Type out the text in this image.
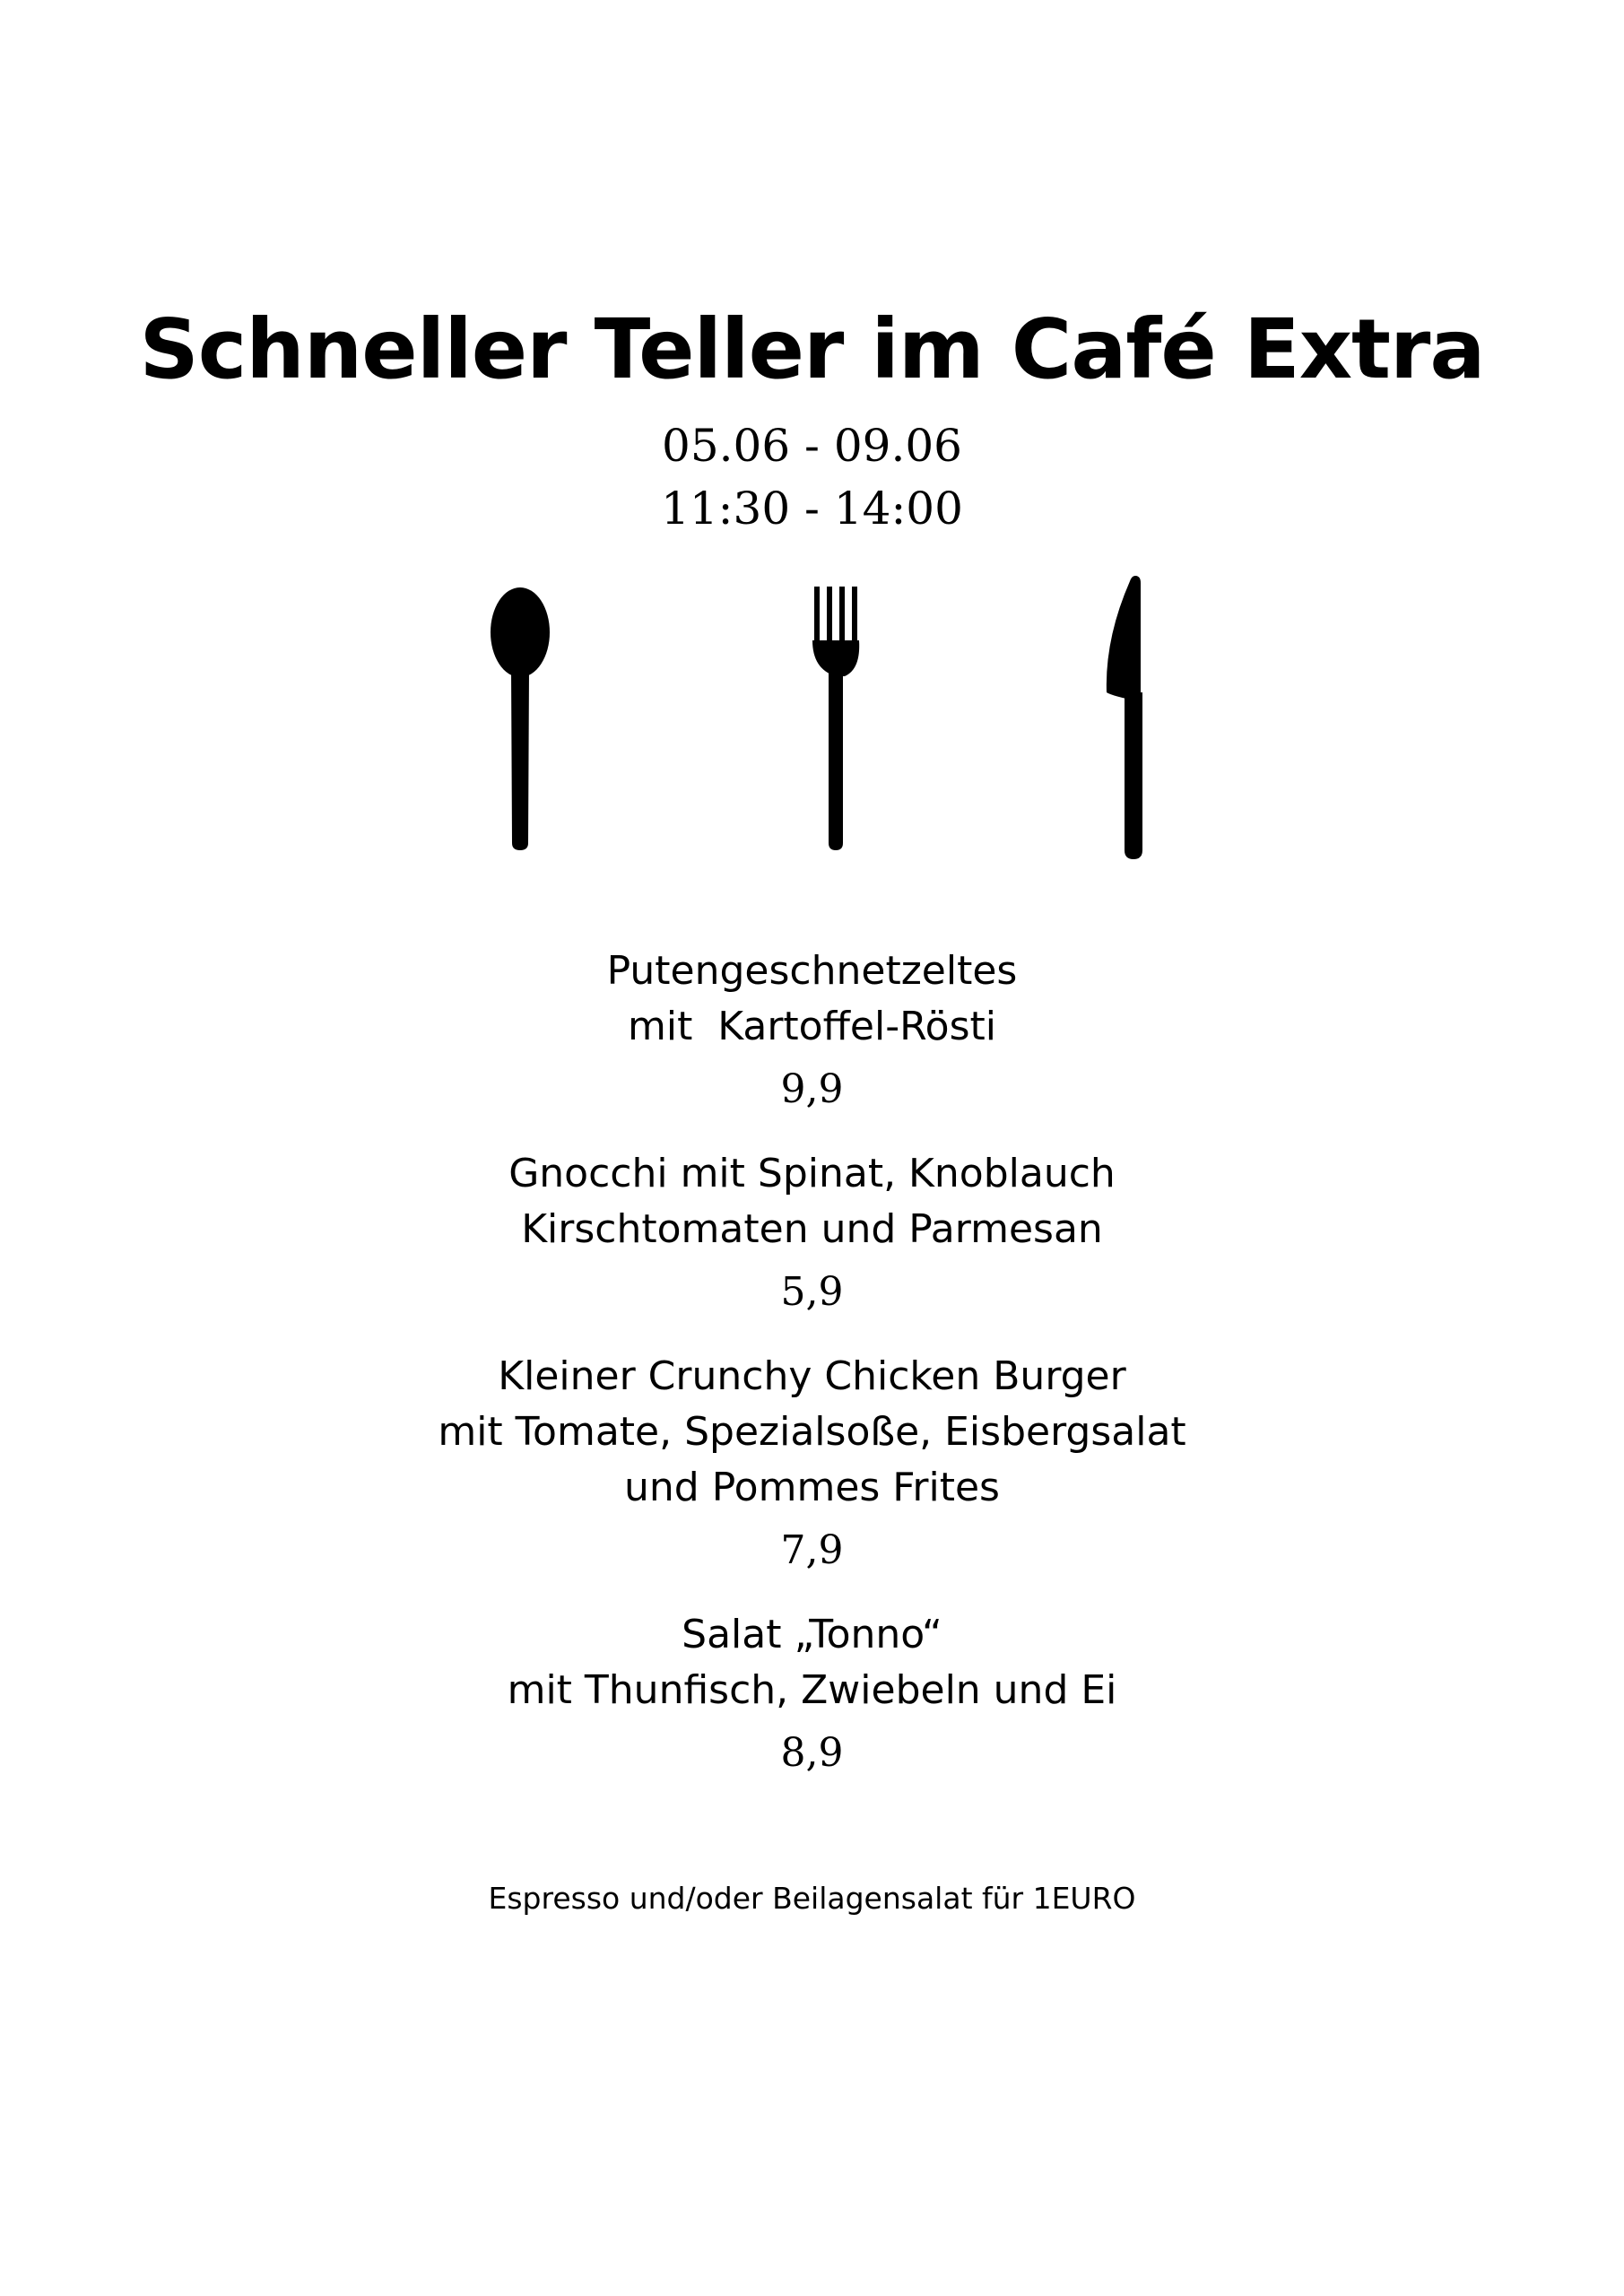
Schneller Teller im Café Extra
05.06 - 09.06
11:30 - 14:00
Putengeschnetzeltes
mit  Kartoffel-Rösti
9,9
Gnocchi mit Spinat, Knoblauch
Kirschtomaten und Parmesan
5,9
Kleiner Crunchy Chicken Burger
mit Tomate, Spezialsoße, Eisbergsalat
und Pommes Frites
7,9
Salat „Tonno“
mit Thunfisch, Zwiebeln und Ei
8,9
Espresso und/oder Beilagensalat für 1EURO
